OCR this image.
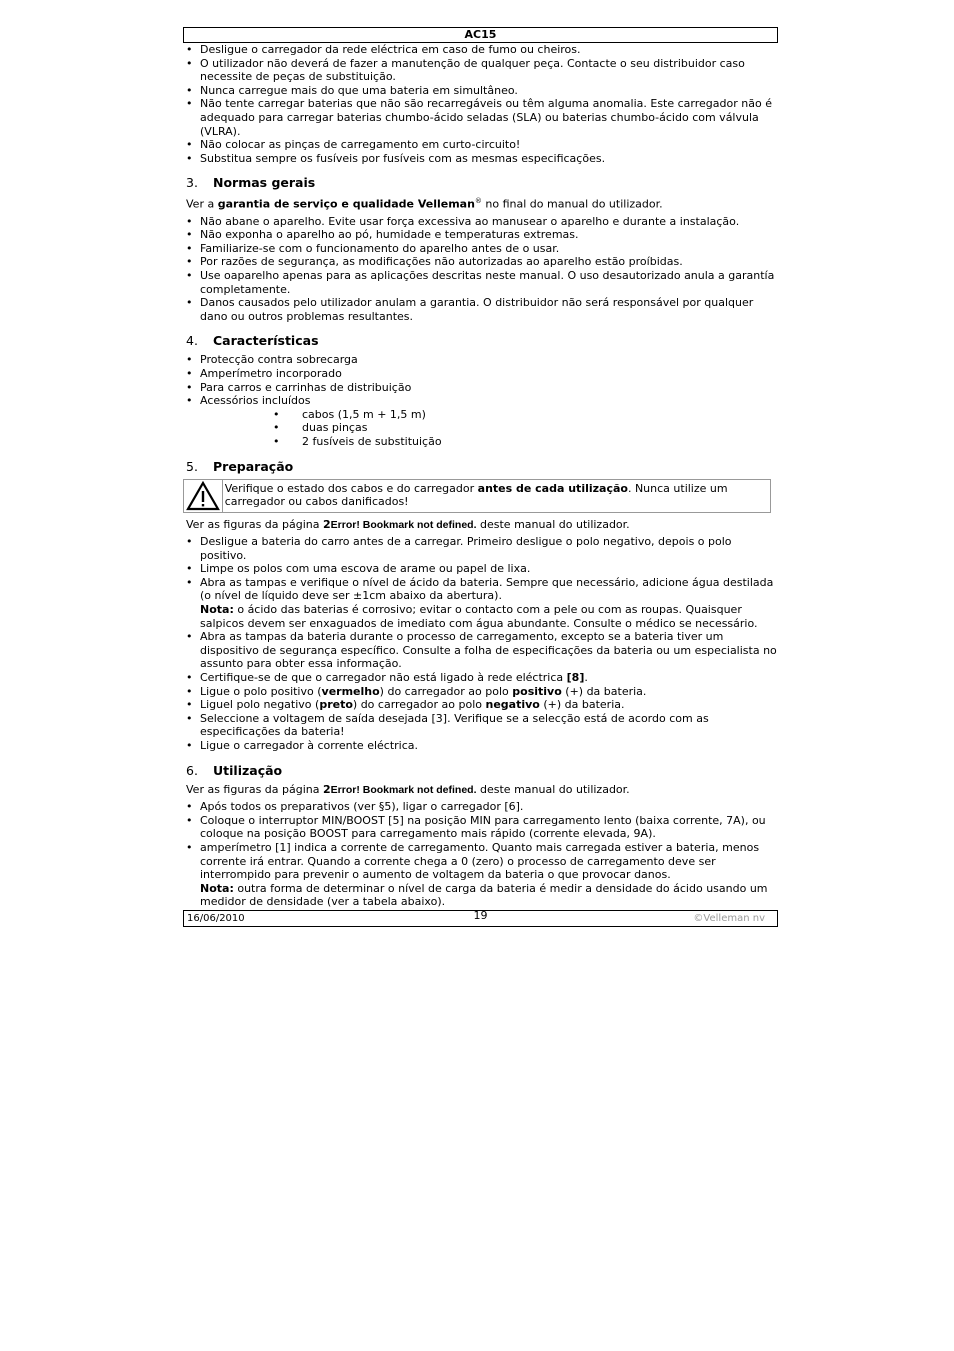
AC15
• Desligue o carregador da rede eléctrica em caso de fumo ou cheiros.
• O utilizador não deverá de fazer a manutenção de qualquer peça. Contacte o seu distribuidor caso necessite de peças de substituição.
• Nunca carregue mais do que uma bateria em simultâneo.
• Não tente carregar baterias que não são recarregáveis ou têm alguma anomalia. Este carregador não é adequado para carregar baterias chumbo-ácido seladas (SLA) ou baterias chumbo-ácido com válvula (VLRA).
• Não colocar as pinças de carregamento em curto-circuito!
• Substitua sempre os fusíveis por fusíveis com as mesmas especificações.
3. Normas gerais

Ver a garantia de serviço e qualidade Velleman® no final do manual do utilizador.

• Não abane o aparelho. Evite usar força excessiva ao manusear o aparelho e durante a instalação.
• Não exponha o aparelho ao pó, humidade e temperaturas extremas.
• Familiarize-se com o funcionamento do aparelho antes de o usar.
• Por razões de segurança, as modificações não autorizadas ao aparelho estão proíbidas.
• Use oaparelho apenas para as aplicações descritas neste manual. O uso desautorizado anula a garantía completamente.
• Danos causados pelo utilizador anulam a garantia. O distribuidor não será responsável por qualquer dano ou outros problemas resultantes.
4. Características
• Protecção contra sobrecarga
• Amperímetro incorporado
• Para carros e carrinhas de distribuição
• Acessórios incluídos
• cabos (1,5 m + 1,5 m)
• duas pinças
• 2 fusíveis de substituição
5. Preparação
Verifique o estado dos cabos e do carregador antes de cada utilização. Nunca utilize um carregador ou cabos danificados!

Ver as figuras da página 2Error! Bookmark not defined. deste manual do utilizador.

• Desligue a bateria do carro antes de a carregar. Primeiro desligue o polo negativo, depois o polo positivo.
• Limpe os polos com uma escova de arame ou papel de lixa.
• Abra as tampas e verifique o nível de ácido da bateria. Sempre que necessário, adicione água destilada (o nível de líquido deve ser ±1cm abaixo da abertura).
Nota: o ácido das baterias é corrosivo; evitar o contacto com a pele ou com as roupas. Quaisquer salpicos devem ser enxaguados de imediato com água abundante. Consulte o médico se necessário.
• Abra as tampas da bateria durante o processo de carregamento, excepto se a bateria tiver um dispositivo de segurança específico. Consulte a folha de especificações da bateria ou um especialista no assunto para obter essa informação.
• Certifique-se de que o carregador não está ligado à rede eléctrica [8].
• Ligue o polo positivo (vermelho) do carregador ao polo positivo (+) da bateria.
• Liguel polo negativo (preto) do carregador ao polo negativo (+) da bateria.
• Seleccione a voltagem de saída desejada [3]. Verifique se a selecção está de acordo com as especificações da bateria!
• Ligue o carregador à corrente eléctrica.
6. Utilização

Ver as figuras da página 2Error! Bookmark not defined. deste manual do utilizador.

• Após todos os preparativos (ver §5), ligar o carregador [6].
• Coloque o interruptor MIN/BOOST [5] na posição MIN para carregamento lento (baixa corrente, 7A), ou coloque na posição BOOST para carregamento mais rápido (corrente elevada, 9A).
• amperímetro [1] indica a corrente de carregamento. Quanto mais carregada estiver a bateria, menos corrente irá entrar. Quando a corrente chega a 0 (zero) o processo de carregamento deve ser interrompido para prevenir o aumento de voltagem da bateria o que provocar danos.
Nota: outra forma de determinar o nível de carga da bateria é medir a densidade do ácido usando um medidor de densidade (ver a tabela abaixo).
16/06/2010	19	©Velleman nv
